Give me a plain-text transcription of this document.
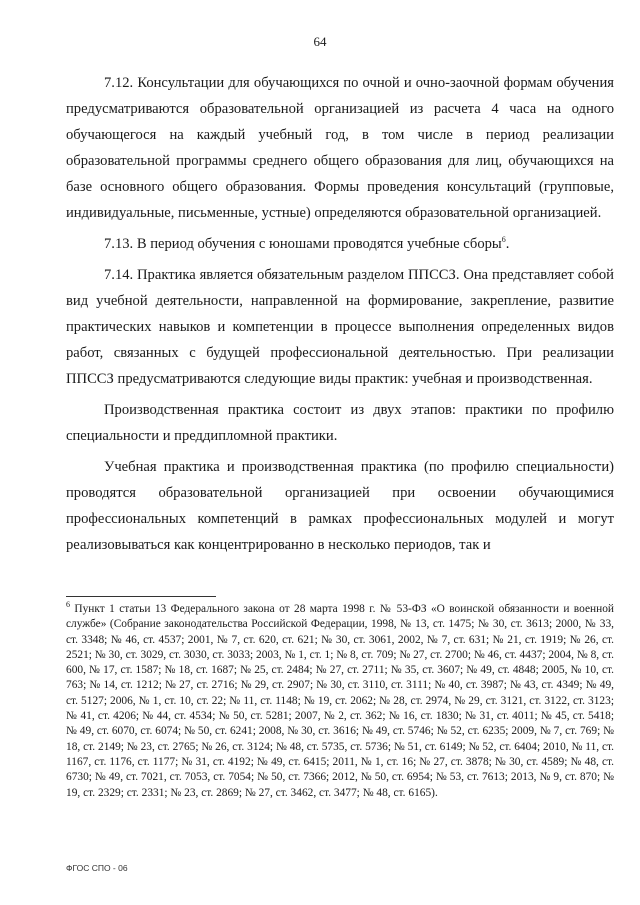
64

7.12. Консультации для обучающихся по очной и очно-заочной формам обучения предусматриваются образовательной организацией из расчета 4 часа на одного обучающегося на каждый учебный год, в том числе в период реализации образовательной программы среднего общего образования для лиц, обучающихся на базе основного общего образования. Формы проведения консультаций (групповые, индивидуальные, письменные, устные) определяются образовательной организацией.

7.13. В период обучения с юношами проводятся учебные сборы$^6$.

7.14. Практика является обязательным разделом ППССЗ. Она представляет собой вид учебной деятельности, направленной на формирование, закрепление, развитие практических навыков и компетенции в процессе выполнения определенных видов работ, связанных с будущей профессиональной деятельностью. При реализации ППССЗ предусматриваются следующие виды практик: учебная и производственная.

Производственная практика состоит из двух этапов: практики по профилю специальности и преддипломной практики.

Учебная практика и производственная практика (по профилю специальности) проводятся образовательной организацией при освоении обучающимися профессиональных компетенций в рамках профессиональных модулей и могут реализовываться как концентрированно в несколько периодов, так и

$^6$ Пункт 1 статьи 13 Федерального закона от 28 марта 1998 г. № 53-ФЗ «О воинской обязанности и военной службе» (Собрание законодательства Российской Федерации, 1998, № 13, ст. 1475; № 30, ст. 3613; 2000, № 33, ст. 3348; № 46, ст. 4537; 2001, № 7, ст. 620, ст. 621; № 30, ст. 3061, 2002, № 7, ст. 631; № 21, ст. 1919; № 26, ст. 2521; № 30, ст. 3029, ст. 3030, ст. 3033; 2003, № 1, ст. 1; № 8, ст. 709; № 27, ст. 2700; № 46, ст. 4437; 2004, № 8, ст. 600, № 17, ст. 1587; № 18, ст. 1687; № 25, ст. 2484; № 27, ст. 2711; № 35, ст. 3607; № 49, ст. 4848; 2005, № 10, ст. 763; № 14, ст. 1212; № 27, ст. 2716; № 29, ст. 2907; № 30, ст. 3110, ст. 3111; № 40, ст. 3987; № 43, ст. 4349; № 49, ст. 5127; 2006, № 1, ст. 10, ст. 22; № 11, ст. 1148; № 19, ст. 2062; № 28, ст. 2974, № 29, ст. 3121, ст. 3122, ст. 3123; № 41, ст. 4206; № 44, ст. 4534; № 50, ст. 5281; 2007, № 2, ст. 362; № 16, ст. 1830; № 31, ст. 4011; № 45, ст. 5418; № 49, ст. 6070, ст. 6074; № 50, ст. 6241; 2008, № 30, ст. 3616; № 49, ст. 5746; № 52, ст. 6235; 2009, № 7, ст. 769; № 18, ст. 2149; № 23, ст. 2765; № 26, ст. 3124; № 48, ст. 5735, ст. 5736; № 51, ст. 6149; № 52, ст. 6404; 2010, № 11, ст. 1167, ст. 1176, ст. 1177; № 31, ст. 4192; № 49, ст. 6415; 2011, № 1, ст. 16; № 27, ст. 3878; № 30, ст. 4589; № 48, ст. 6730; № 49, ст. 7021, ст. 7053, ст. 7054; № 50, ст. 7366; 2012, № 50, ст. 6954; № 53, ст. 7613; 2013, № 9, ст. 870; № 19, ст. 2329; ст. 2331; № 23, ст. 2869; № 27, ст. 3462, ст. 3477; № 48, ст. 6165).
ФГОС СПО - 06
